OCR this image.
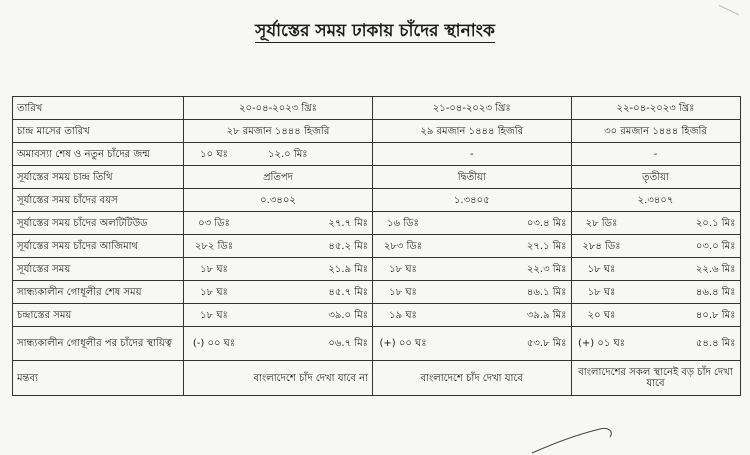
সূর্যাস্তের সময় ঢাকায় চাঁদের স্থানাংক
তারিখ	২০-০৪-২০২৩ খ্রিঃ		২১-০৪-২০২৩ খ্রিঃ		২২-০৪-২০২৩ খ্রিঃ	
চান্দ্র মাসের তারিখ	২৮ রমজান ১৪৪৪ হিজরি		২৯ রমজান ১৪৪৪ হিজরি		৩০ রমজান ১৪৪৪ হিজরি	
অমাবস্যা শেষ ও নতুন চাঁদের জন্ম	১০ ঘঃ	১২.০ মিঃ	-		-	
সূর্যাস্তের সময় চান্দ্র তিথি	প্রতিপদ		দ্বিতীয়া		তৃতীয়া	
সূর্যাস্তের সময় চাঁদের বয়স	০.৩৪০২		১.৩৪০৫		২.৩৪০৭	
সূর্যাস্তের সময় চাঁদের অলটিটিউড	০৩ ডিঃ	২৭.৭ মিঃ	১৬ ডিঃ	০৩.৪ মিঃ	২৮ ডিঃ	২০.১ মিঃ
সূর্যাস্তের সময় চাঁদের আজিমাথ	২৮২ ডিঃ	৪৫.২ মিঃ	২৮৩ ডিঃ	২৭.১ মিঃ	২৮৪ ডিঃ	০৩.০ মিঃ
সূর্যাস্তের সময়	১৮ ঘঃ	২১.৯ মিঃ	১৮ ঘঃ	২২.৩ মিঃ	১৮ ঘঃ	২২.৬ মিঃ
সান্ধ্যকালীন গোধূলীর শেষ সময়	১৮ ঘঃ	৪৫.৭ মিঃ	১৮ ঘঃ	৪৬.১ মিঃ	১৮ ঘঃ	৪৬.৪ মিঃ
চন্দ্রাস্তের সময়	১৮ ঘঃ	৩৯.০ মিঃ	১৯ ঘঃ	৩৯.৯ মিঃ	২০ ঘঃ	৪০.৮ মিঃ
সান্ধ্যকালীন গোধূলীর পর চাঁদের স্থায়িত্ব	(-) ০০ ঘঃ	০৬.৭ মিঃ	(+) ০০ ঘঃ	৫৩.৮ মিঃ	(+) ০১ ঘঃ	৫৪.৪ মিঃ
মন্তব্য	বাংলাদেশে চাঁদ দেখা যাবে না		বাংলাদেশে চাঁদ দেখা যাবে		বাংলাদেশের সকল স্থানেই বড় চাঁদ দেখা যাবে	
